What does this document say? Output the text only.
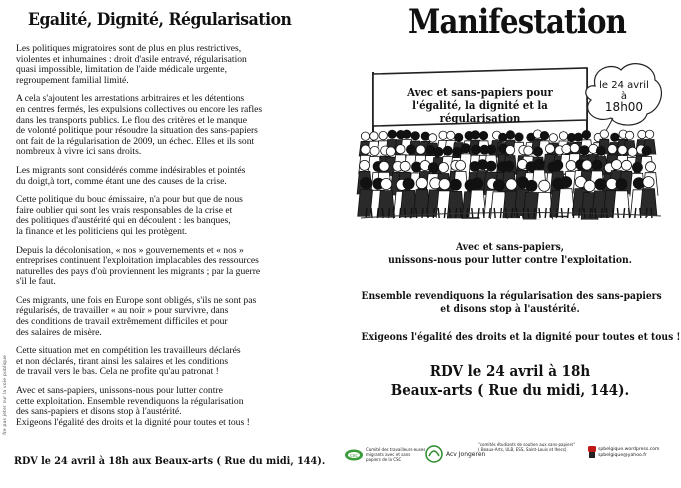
Ne pas jeter sur la voie publique
Egalité, Dignité, Régularisation

Les politiques migratoires sont de plus en plus restrictives,
violentes et inhumaines : droit d'asile entravé, régularisation
quasi impossible, limitation de l'aide médicale urgente,
regroupement familial limité.

A cela s'ajoutent les arrestations arbitraires et les détentions
en centres fermés, les expulsions collectives ou encore les rafles
dans les transports publics. Le flou des critères et le manque
de volonté politique pour résoudre la situation des sans-papiers
ont fait de la régularisation de 2009, un échec. Elles et ils sont
nombreux à vivre ici sans droits.

Les migrants sont considérés comme indésirables et pointés
du doigt,à tort, comme étant une des causes de la crise.

Cette politique du bouc émissaire, n'a pour but que de nous
faire oublier qui sont les vrais responsables de la crise et
des politiques d'austérité qui en découlent : les banques,
la finance et les politiciens qui les protègent.

Depuis la décolonisation, « nos » gouvernements et « nos »
entreprises continuent l'exploitation implacables des ressources
naturelles des pays d'où proviennent les migrants ; par la guerre
s'il le faut.

Ces migrants, une fois en Europe sont obligés, s'ils ne sont pas
régularisés, de travailler « au noir » pour survivre, dans
des conditions de travail extrêmement difficiles et pour
des salaires de misère.

Cette situation met en compétition les travailleurs déclarés
et non déclarés, tirant ainsi les salaires et les conditions
de travail vers le bas. Cela ne profite qu'au patronat !

Avec et sans-papiers, unissons-nous pour lutter contre
cette exploitation. Ensemble revendiquons la régularisation
des sans-papiers et disons stop à l'austérité.
Exigeons l'égalité des droits et la dignité pour toutes et tous !

RDV le 24 avril à 18h aux Beaux-arts ( Rue du midi, 144).
Manifestation
Avec et sans-papiers pour
l'égalité, la dignité et la régularisation
le 24 avril
à
18h00
Avec et sans-papiers,
unissons-nous pour lutter contre l'exploitation.
Ensemble revendiquons la régularisation des sans-papiers
et disons stop à l'austérité.
Exigeons l'égalité des droits et la dignité pour toutes et tous !
RDV le 24 avril à 18h
Beaux-arts ( Rue du midi, 144).
csc
Comité des travailleurs·euses migrants avec et sans papiers de la CSC
Acv Jongeren
"comités étudiants de soutien aux sans-papiers"
( Beaux-Arts, ULB, ESS, Saint-Louis et Ihecs)	spbelgique.wordpress.com
spbelgique@yahoo.fr
